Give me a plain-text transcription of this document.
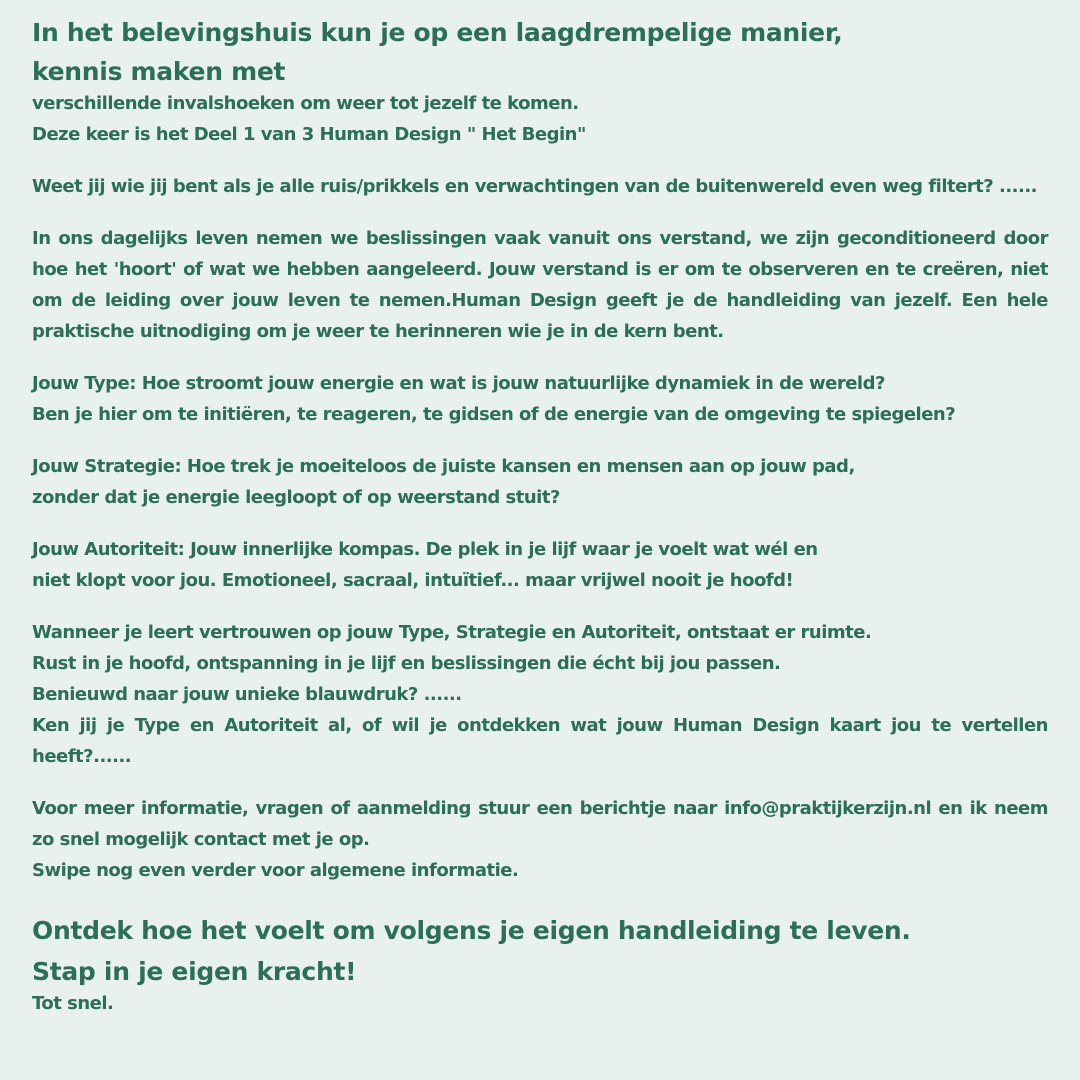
In het belevingshuis kun je op een laagdrempelige manier,

kennis maken met

verschillende invalshoeken om weer tot jezelf te komen.

Deze keer is het Deel 1 van 3 Human Design " Het Begin"

Weet jij wie jij bent als je alle ruis/prikkels en verwachtingen van de buitenwereld even weg filtert? ......

In ons dagelijks leven nemen we beslissingen vaak vanuit ons verstand, we zijn geconditioneerd door hoe het 'hoort' of wat we hebben aangeleerd. Jouw verstand is er om te observeren en te creëren, niet om de leiding over jouw leven te nemen.Human Design geeft je de handleiding van jezelf. Een hele praktische uitnodiging om je weer te herinneren wie je in de kern bent.

Jouw Type: Hoe stroomt jouw energie en wat is jouw natuurlijke dynamiek in de wereld?

Ben je hier om te initiëren, te reageren, te gidsen of de energie van de omgeving te spiegelen?

Jouw Strategie: Hoe trek je moeiteloos de juiste kansen en mensen aan op jouw pad,

zonder dat je energie leegloopt of op weerstand stuit?

Jouw Autoriteit: Jouw innerlijke kompas. De plek in je lijf waar je voelt wat wél en

niet klopt voor jou. Emotioneel, sacraal, intuïtief... maar vrijwel nooit je hoofd!

Wanneer je leert vertrouwen op jouw Type, Strategie en Autoriteit, ontstaat er ruimte.

Rust in je hoofd, ontspanning in je lijf en beslissingen die écht bij jou passen.

Benieuwd naar jouw unieke blauwdruk? ......

Ken jij je Type en Autoriteit al, of wil je ontdekken wat jouw Human Design kaart jou te vertellen heeft?......

Voor meer informatie, vragen of aanmelding stuur een berichtje naar info@praktijkerzijn.nl en ik neem zo snel mogelijk contact met je op.

Swipe nog even verder voor algemene informatie.

Ontdek hoe het voelt om volgens je eigen handleiding te leven.

Stap in je eigen kracht!

Tot snel.
